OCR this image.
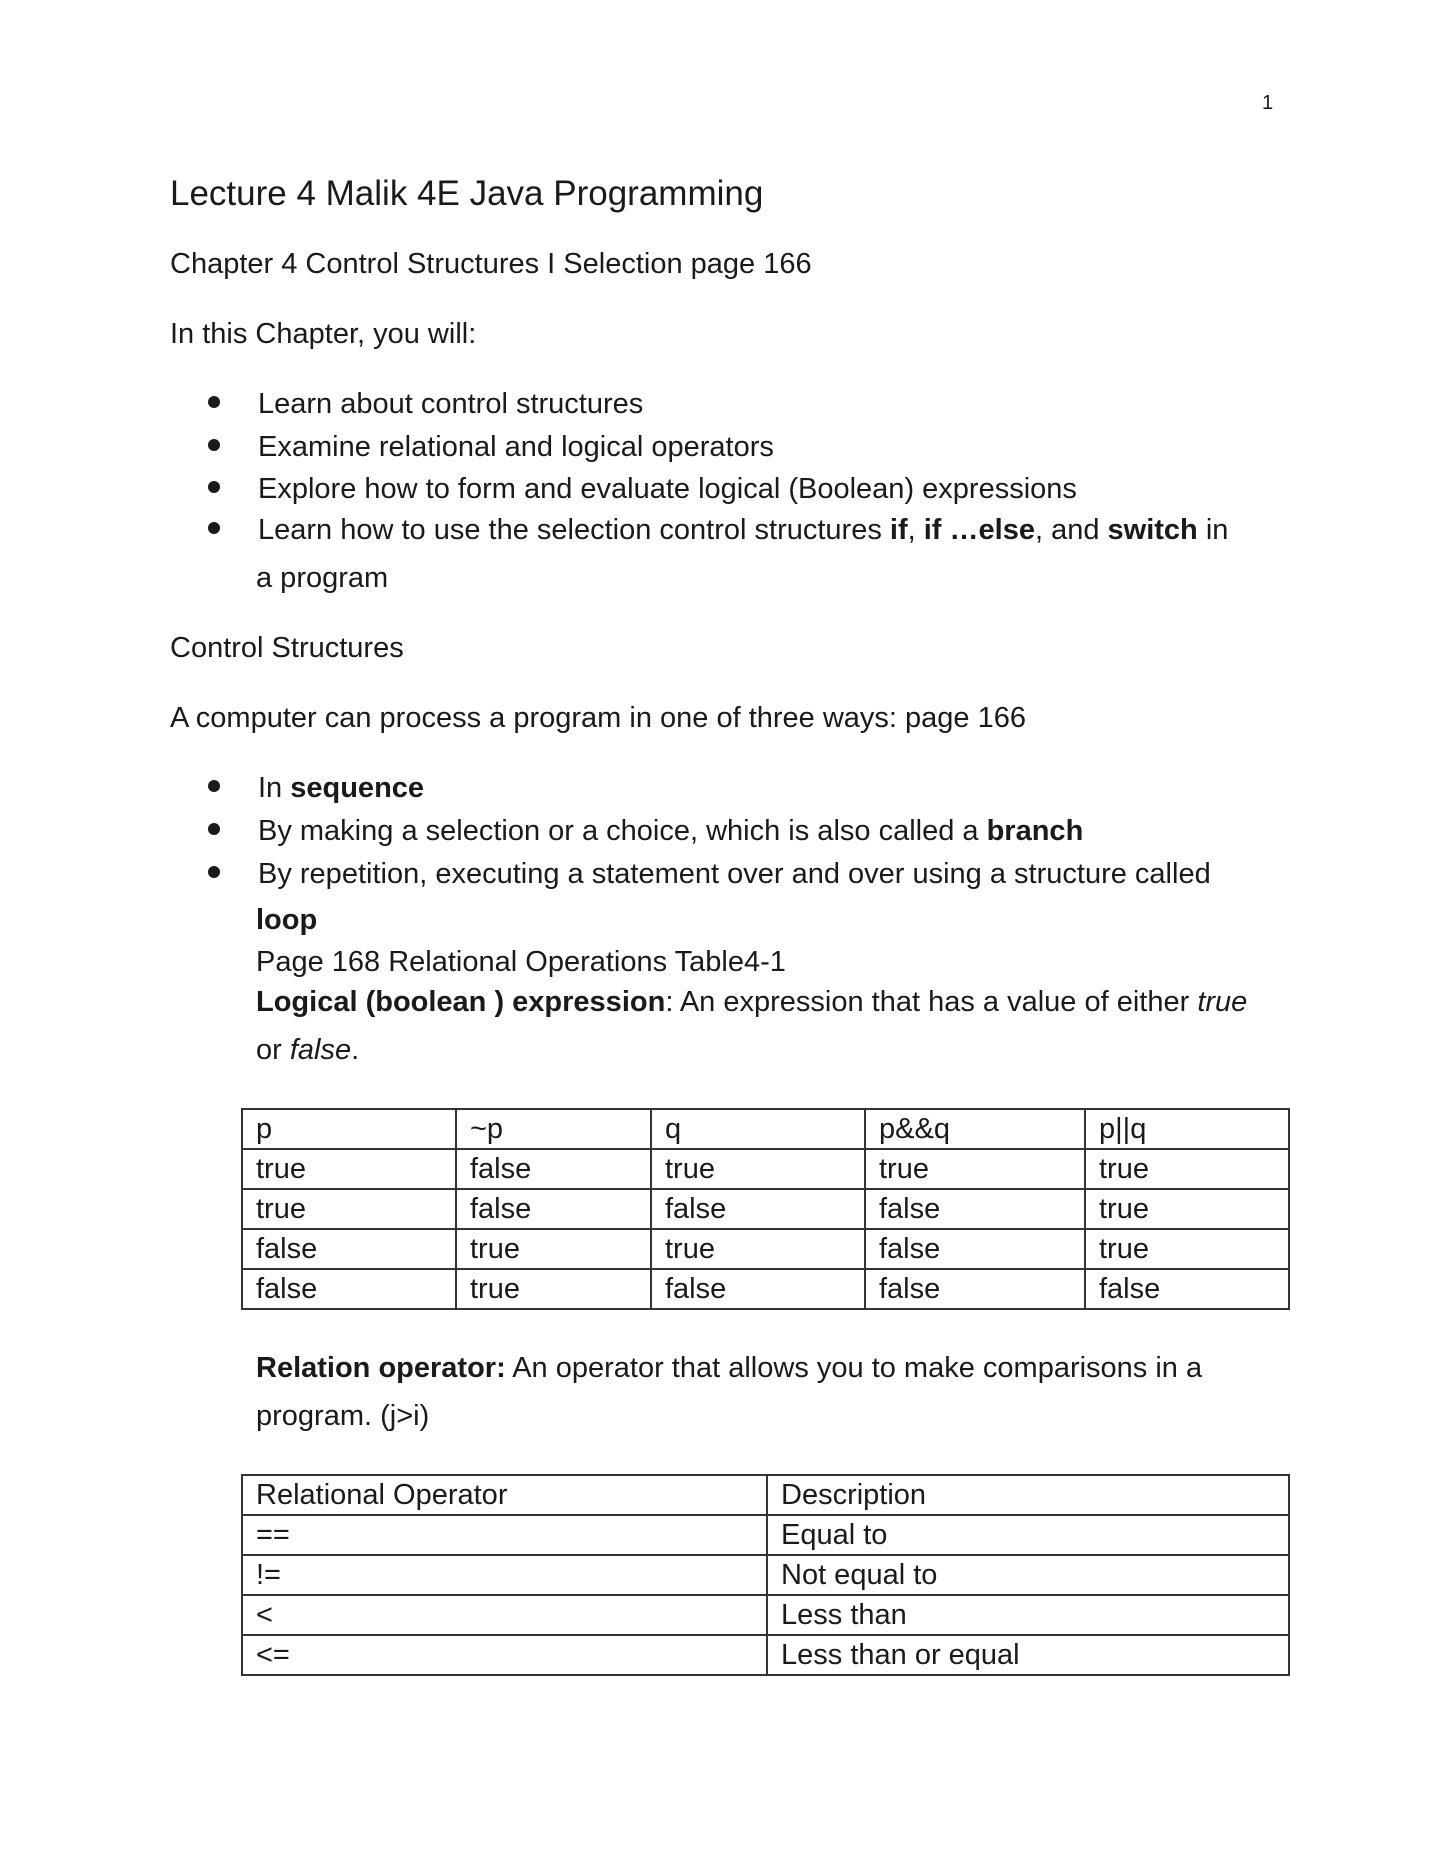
1
Lecture 4 Malik 4E Java Programming
Chapter 4 Control Structures I Selection page 166
In this Chapter, you will:
Learn about control structures
Examine relational and logical operators
Explore how to form and evaluate logical (Boolean) expressions
Learn how to use the selection control structures if, if …else, and switch in
a program
Control Structures
A computer can process a program in one of three ways: page 166
In sequence
By making a selection or a choice, which is also called a branch
By repetition, executing a statement over and over using a structure called
loop
Page 168 Relational Operations Table4-1
Logical (boolean ) expression: An expression that has a value of either true
or false.
p	~p	q	p&&q	p||q
true	false	true	true	true
true	false	false	false	true
false	true	true	false	true
false	true	false	false	false
Relation operator: An operator that allows you to make comparisons in a
program. (j>i)
Relational Operator	Description
==	Equal to
!=	Not equal to
<	Less than
<=	Less than or equal
